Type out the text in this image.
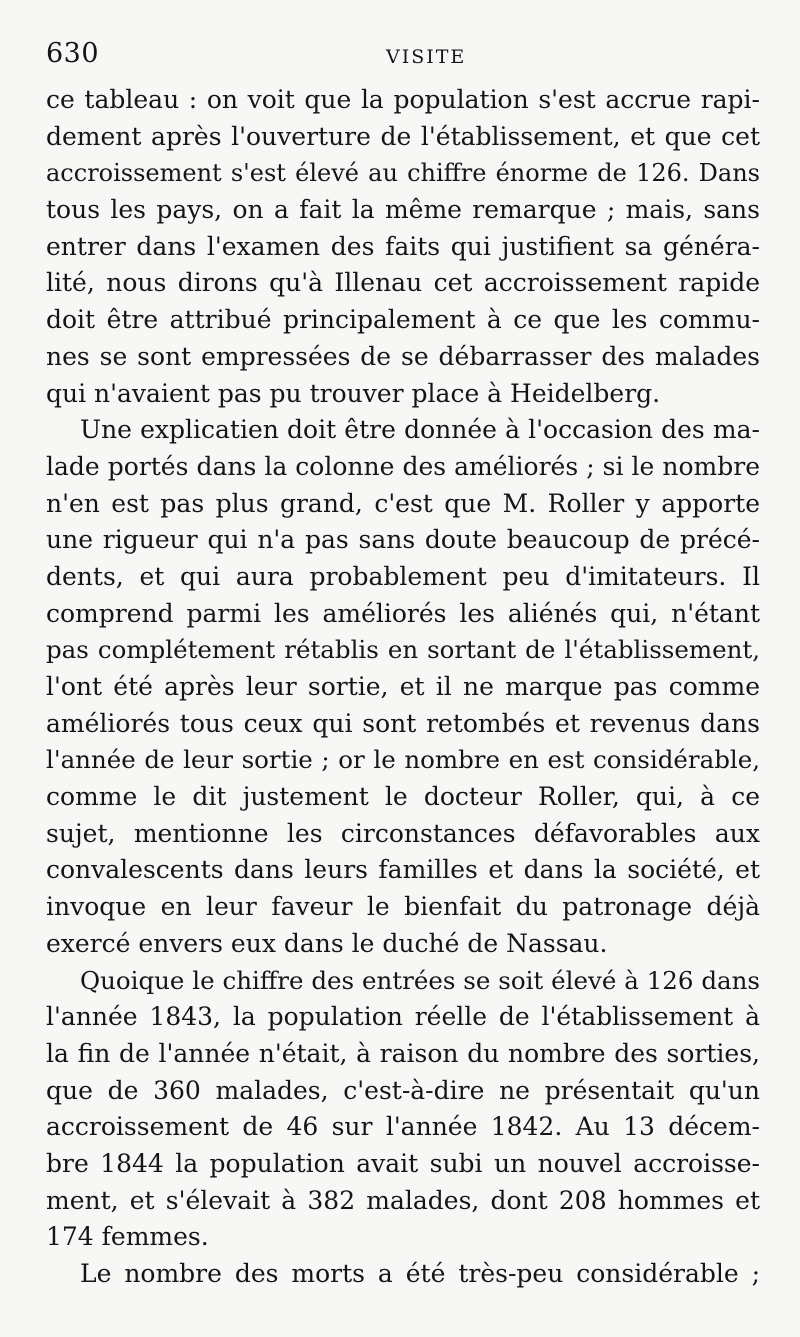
630	VISITE
ce tableau : on voit que la population s'est accrue rapi-
dement après l'ouverture de l'établissement, et que cet
accroissement s'est élevé au chiffre énorme de 126. Dans
tous les pays, on a fait la même remarque ; mais, sans
entrer dans l'examen des faits qui justifient sa généra-
lité, nous dirons qu'à Illenau cet accroissement rapide
doit être attribué principalement à ce que les commu-
nes se sont empressées de se débarrasser des malades
qui n'avaient pas pu trouver place à Heidelberg.
Une explicatien doit être donnée à l'occasion des ma-
lade portés dans la colonne des améliorés ; si le nombre
n'en est pas plus grand, c'est que M. Roller y apporte
une rigueur qui n'a pas sans doute beaucoup de précé-
dents, et qui aura probablement peu d'imitateurs. Il
comprend parmi les améliorés les aliénés qui, n'étant
pas complétement rétablis en sortant de l'établissement,
l'ont été après leur sortie, et il ne marque pas comme
améliorés tous ceux qui sont retombés et revenus dans
l'année de leur sortie ; or le nombre en est considérable,
comme le dit justement le docteur Roller, qui, à ce
sujet, mentionne les circonstances défavorables aux
convalescents dans leurs familles et dans la société, et
invoque en leur faveur le bienfait du patronage déjà
exercé envers eux dans le duché de Nassau.
Quoique le chiffre des entrées se soit élevé à 126 dans
l'année 1843, la population réelle de l'établissement à
la fin de l'année n'était, à raison du nombre des sorties,
que de 360 malades, c'est-à-dire ne présentait qu'un
accroissement de 46 sur l'année 1842. Au 13 décem-
bre 1844 la population avait subi un nouvel accroisse-
ment, et s'élevait à 382 malades, dont 208 hommes et
174 femmes.
Le nombre des morts a été très-peu considérable ;
